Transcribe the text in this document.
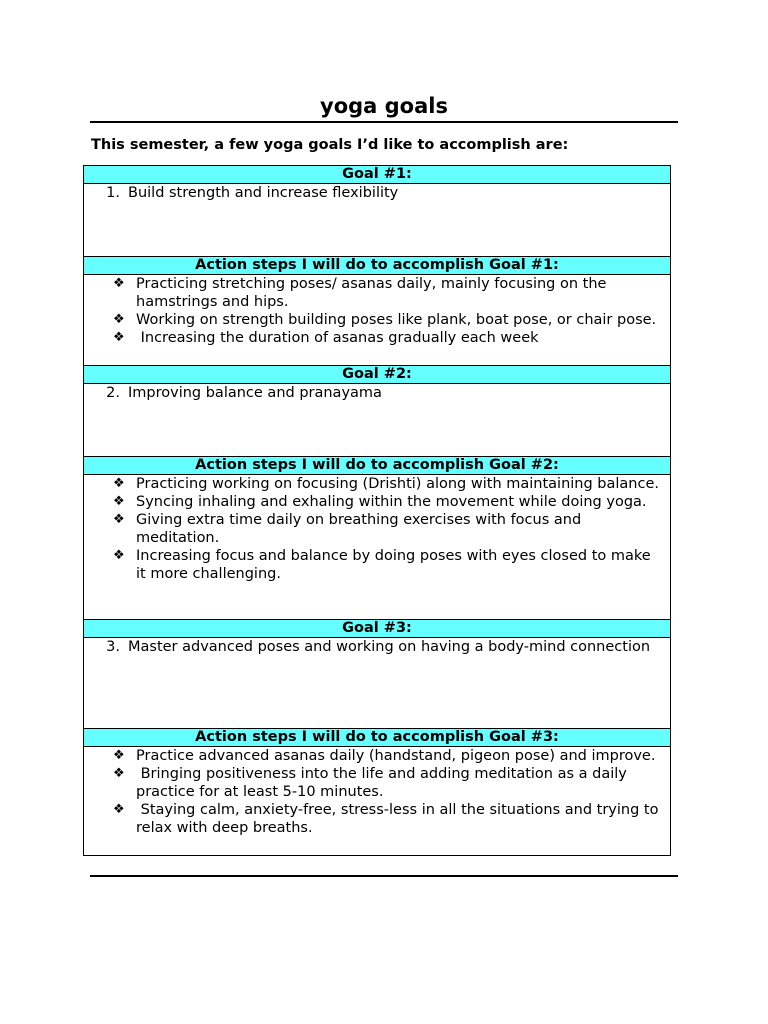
yoga goals
This semester, a few yoga goals I’d like to accomplish are:
Goal #1:

1. Build strength and increase flexibility

Action steps I will do to accomplish Goal #1:

❖ Practicing stretching poses/ asanas daily, mainly focusing on the hamstrings and hips.
❖ Working on strength building poses like plank, boat pose, or chair pose.
❖ Increasing the duration of asanas gradually each week

Goal #2:

2. Improving balance and pranayama

Action steps I will do to accomplish Goal #2:

❖ Practicing working on focusing (Drishti) along with maintaining balance.
❖ Syncing inhaling and exhaling within the movement while doing yoga.
❖ Giving extra time daily on breathing exercises with focus and meditation.
❖ Increasing focus and balance by doing poses with eyes closed to make it more challenging.

Goal #3:

3. Master advanced poses and working on having a body-mind connection

Action steps I will do to accomplish Goal #3:

❖ Practice advanced asanas daily (handstand, pigeon pose) and improve.
❖ Bringing positiveness into the life and adding meditation as a daily practice for at least 5-10 minutes.
❖ Staying calm, anxiety-free, stress-less in all the situations and trying to relax with deep breaths.
